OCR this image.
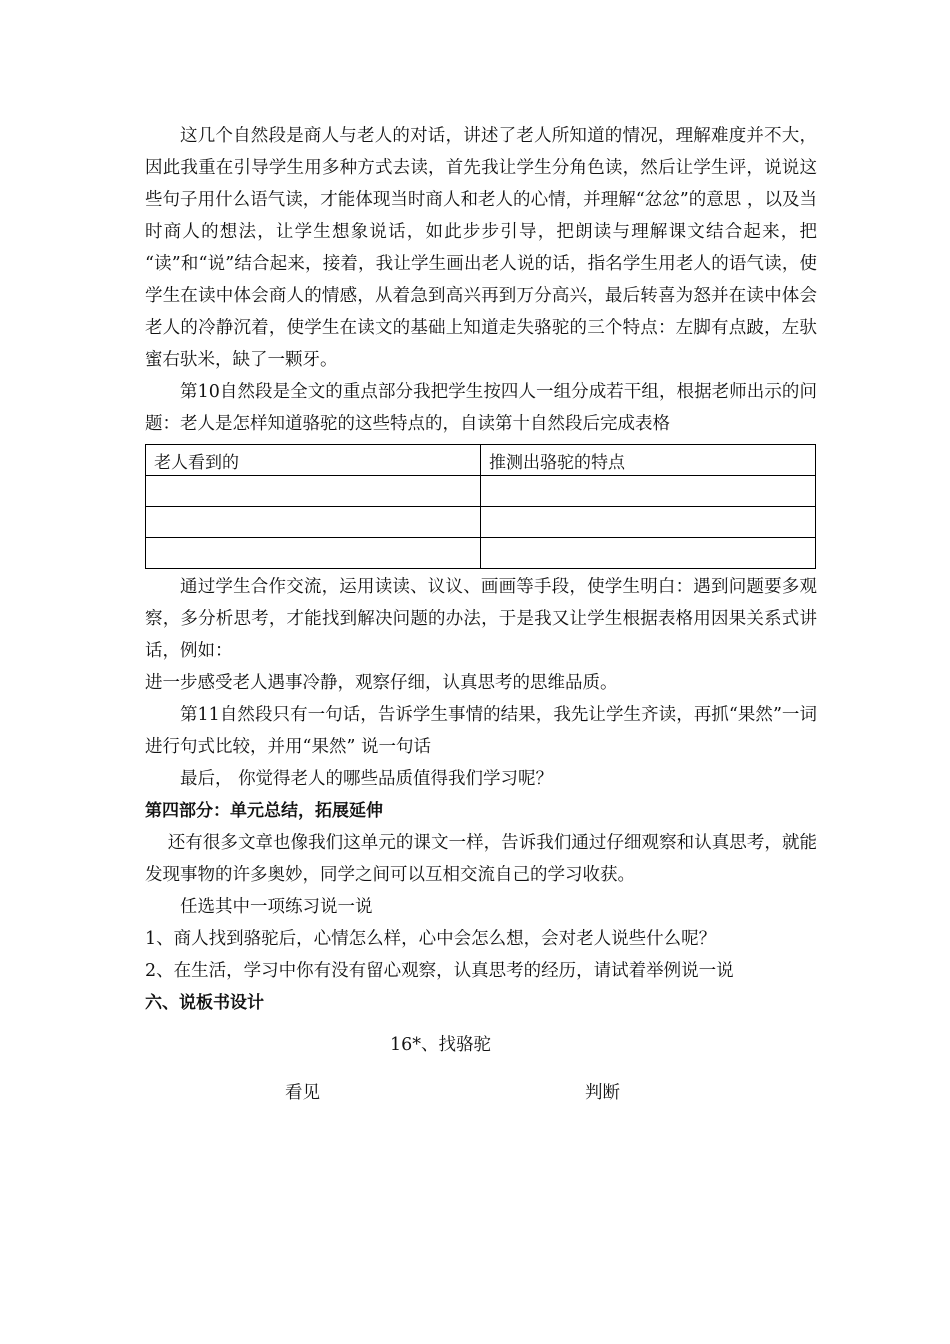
这几个自然段是商人与老人的对话，讲述了老人所知道的情况，理解难度并不大，因此我重在引导学生用多种方式去读，首先我让学生分角色读，然后让学生评，说说这些句子用什么语气读，才能体现当时商人和老人的心情，并理解“忿忿”的意思 ，以及当时商人的想法，让学生想象说话，如此步步引导，把朗读与理解课文结合起来，把 “读”和“说”结合起来，接着，我让学生画出老人说的话，指名学生用老人的语气读，使学生在读中体会商人的情感，从着急到高兴再到万分高兴，最后转喜为怒并在读中体会老人的冷静沉着，使学生在读文的基础上知道走失骆驼的三个特点：左脚有点跛，左驮蜜右驮米，缺了一颗牙。

第10自然段是全文的重点部分我把学生按四人一组分成若干组，根据老师出示的问题：老人是怎样知道骆驼的这些特点的，自读第十自然段后完成表格

老人看到的	推测出骆驼的特点

通过学生合作交流，运用读读、议议、画画等手段，使学生明白：遇到问题要多观察，多分析思考，才能找到解决问题的办法，于是我又让学生根据表格用因果关系式讲话，例如：

进一步感受老人遇事冷静，观察仔细，认真思考的思维品质。

第11自然段只有一句话，告诉学生事情的结果，我先让学生齐读，再抓“果然”一词进行句式比较，并用“果然” 说一句话

最后， 你觉得老人的哪些品质值得我们学习呢？

第四部分：单元总结，拓展延伸

还有很多文章也像我们这单元的课文一样，告诉我们通过仔细观察和认真思考，就能发现事物的许多奥妙，同学之间可以互相交流自己的学习收获。

任选其中一项练习说一说

1、商人找到骆驼后，心情怎么样，心中会怎么想，会对老人说些什么呢？

2、在生活，学习中你有没有留心观察，认真思考的经历，请试着举例说一说

六、说板书设计

16*、找骆驼
看见	判断
